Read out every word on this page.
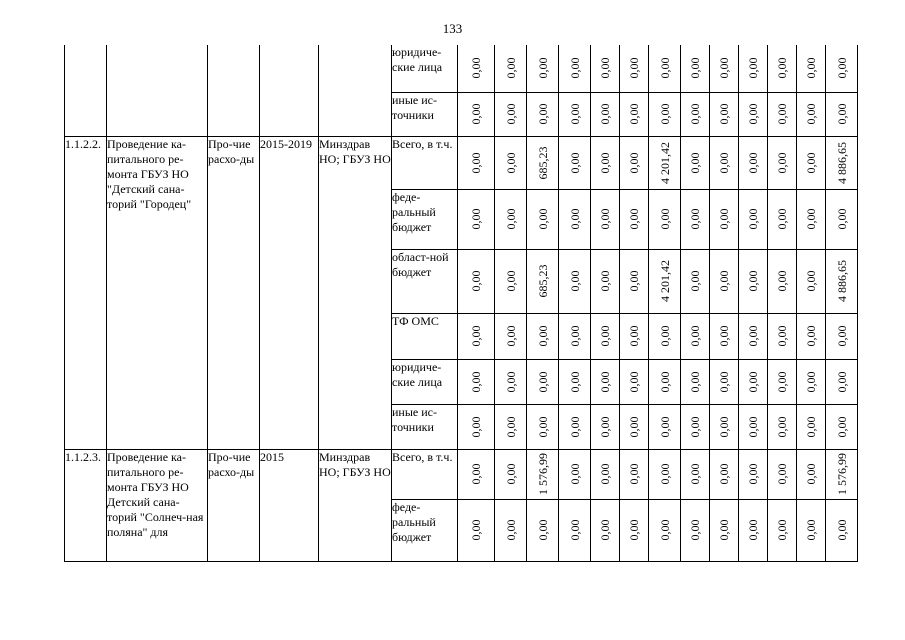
133
					юридиче-ские лица	0,00	0,00	0,00	0,00	0,00	0,00	0,00	0,00	0,00	0,00	0,00	0,00	0,00

					иные ис-точники	0,00	0,00	0,00	0,00	0,00	0,00	0,00	0,00	0,00	0,00	0,00	0,00	0,00

1.1.2.2.	Проведение ка-питального ре-монта ГБУЗ НО "Детский сана-торий "Городец"	Про-чие расхо-ды	2015-2019	Минздрав НО; ГБУЗ НО	Всего, в т.ч.	0,00	0,00	685,23	0,00	0,00	0,00	4 201,42	0,00	0,00	0,00	0,00	0,00	4 886,65

					феде-ральный бюджет	0,00	0,00	0,00	0,00	0,00	0,00	0,00	0,00	0,00	0,00	0,00	0,00	0,00

					област-ной бюджет	0,00	0,00	685,23	0,00	0,00	0,00	4 201,42	0,00	0,00	0,00	0,00	0,00	4 886,65

					ТФ ОМС	0,00	0,00	0,00	0,00	0,00	0,00	0,00	0,00	0,00	0,00	0,00	0,00	0,00

					юридиче-ские лица	0,00	0,00	0,00	0,00	0,00	0,00	0,00	0,00	0,00	0,00	0,00	0,00	0,00

					иные ис-точники	0,00	0,00	0,00	0,00	0,00	0,00	0,00	0,00	0,00	0,00	0,00	0,00	0,00

1.1.2.3.	Проведение ка-питального ре-монта ГБУЗ НО Детский сана-торий "Солнеч-ная поляна" для	Про-чие расхо-ды	2015	Минздрав НО; ГБУЗ НО	Всего, в т.ч.	0,00	0,00	1 576,99	0,00	0,00	0,00	0,00	0,00	0,00	0,00	0,00	0,00	1 576,99

					феде-ральный бюджет	0,00	0,00	0,00	0,00	0,00	0,00	0,00	0,00	0,00	0,00	0,00	0,00	0,00
